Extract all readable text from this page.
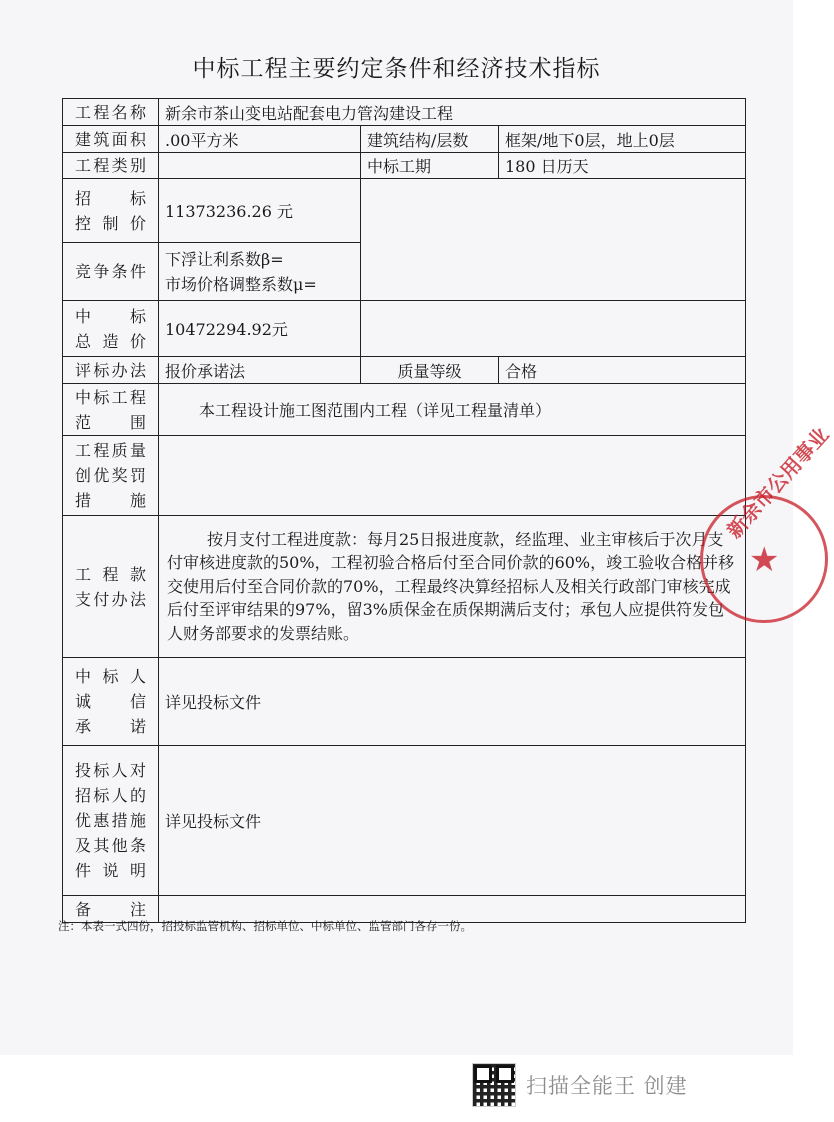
中标工程主要约定条件和经济技术指标
工程名称	新余市茶山变电站配套电力管沟建设工程		

建筑面积	.00平方米	建筑结构/层数	框架/地下0层，地上0层

工程类别		中标工期	180 日历天

招　标
控制价	11373236.26 元		

竞争条件	下浮让利系数β=
市场价格调整系数μ=		

中　标
总造价	10472294.92元		

评标办法	报价承诺法	质量等级	合格

中标工程
范　围	本工程设计施工图范围内工程（详见工程量清单）		

工程质量
创优奖罚
措　施			

工 程 款
支付办法	按月支付工程进度款：每月25日报进度款，经监理、业主审核后于次月支付审核进度款的50%，工程初验合格后付至合同价款的60%，竣工验收合格并移交使用后付至合同价款的70%，工程最终决算经招标人及相关行政部门审核完成后付至评审结果的97%，留3%质保金在质保期满后支付；承包人应提供符发包人财务部要求的发票结账。		

中标人
诚　信
承　诺	详见投标文件		

投标人对
招标人的
优惠措施
及其他条
件 说 明	详见投标文件		

备注			

注：本表一式四份，招投标监管机构、招标单位、中标单位、监管部门各存一份。
新余市公用事业
★
扫描全能王 创建
